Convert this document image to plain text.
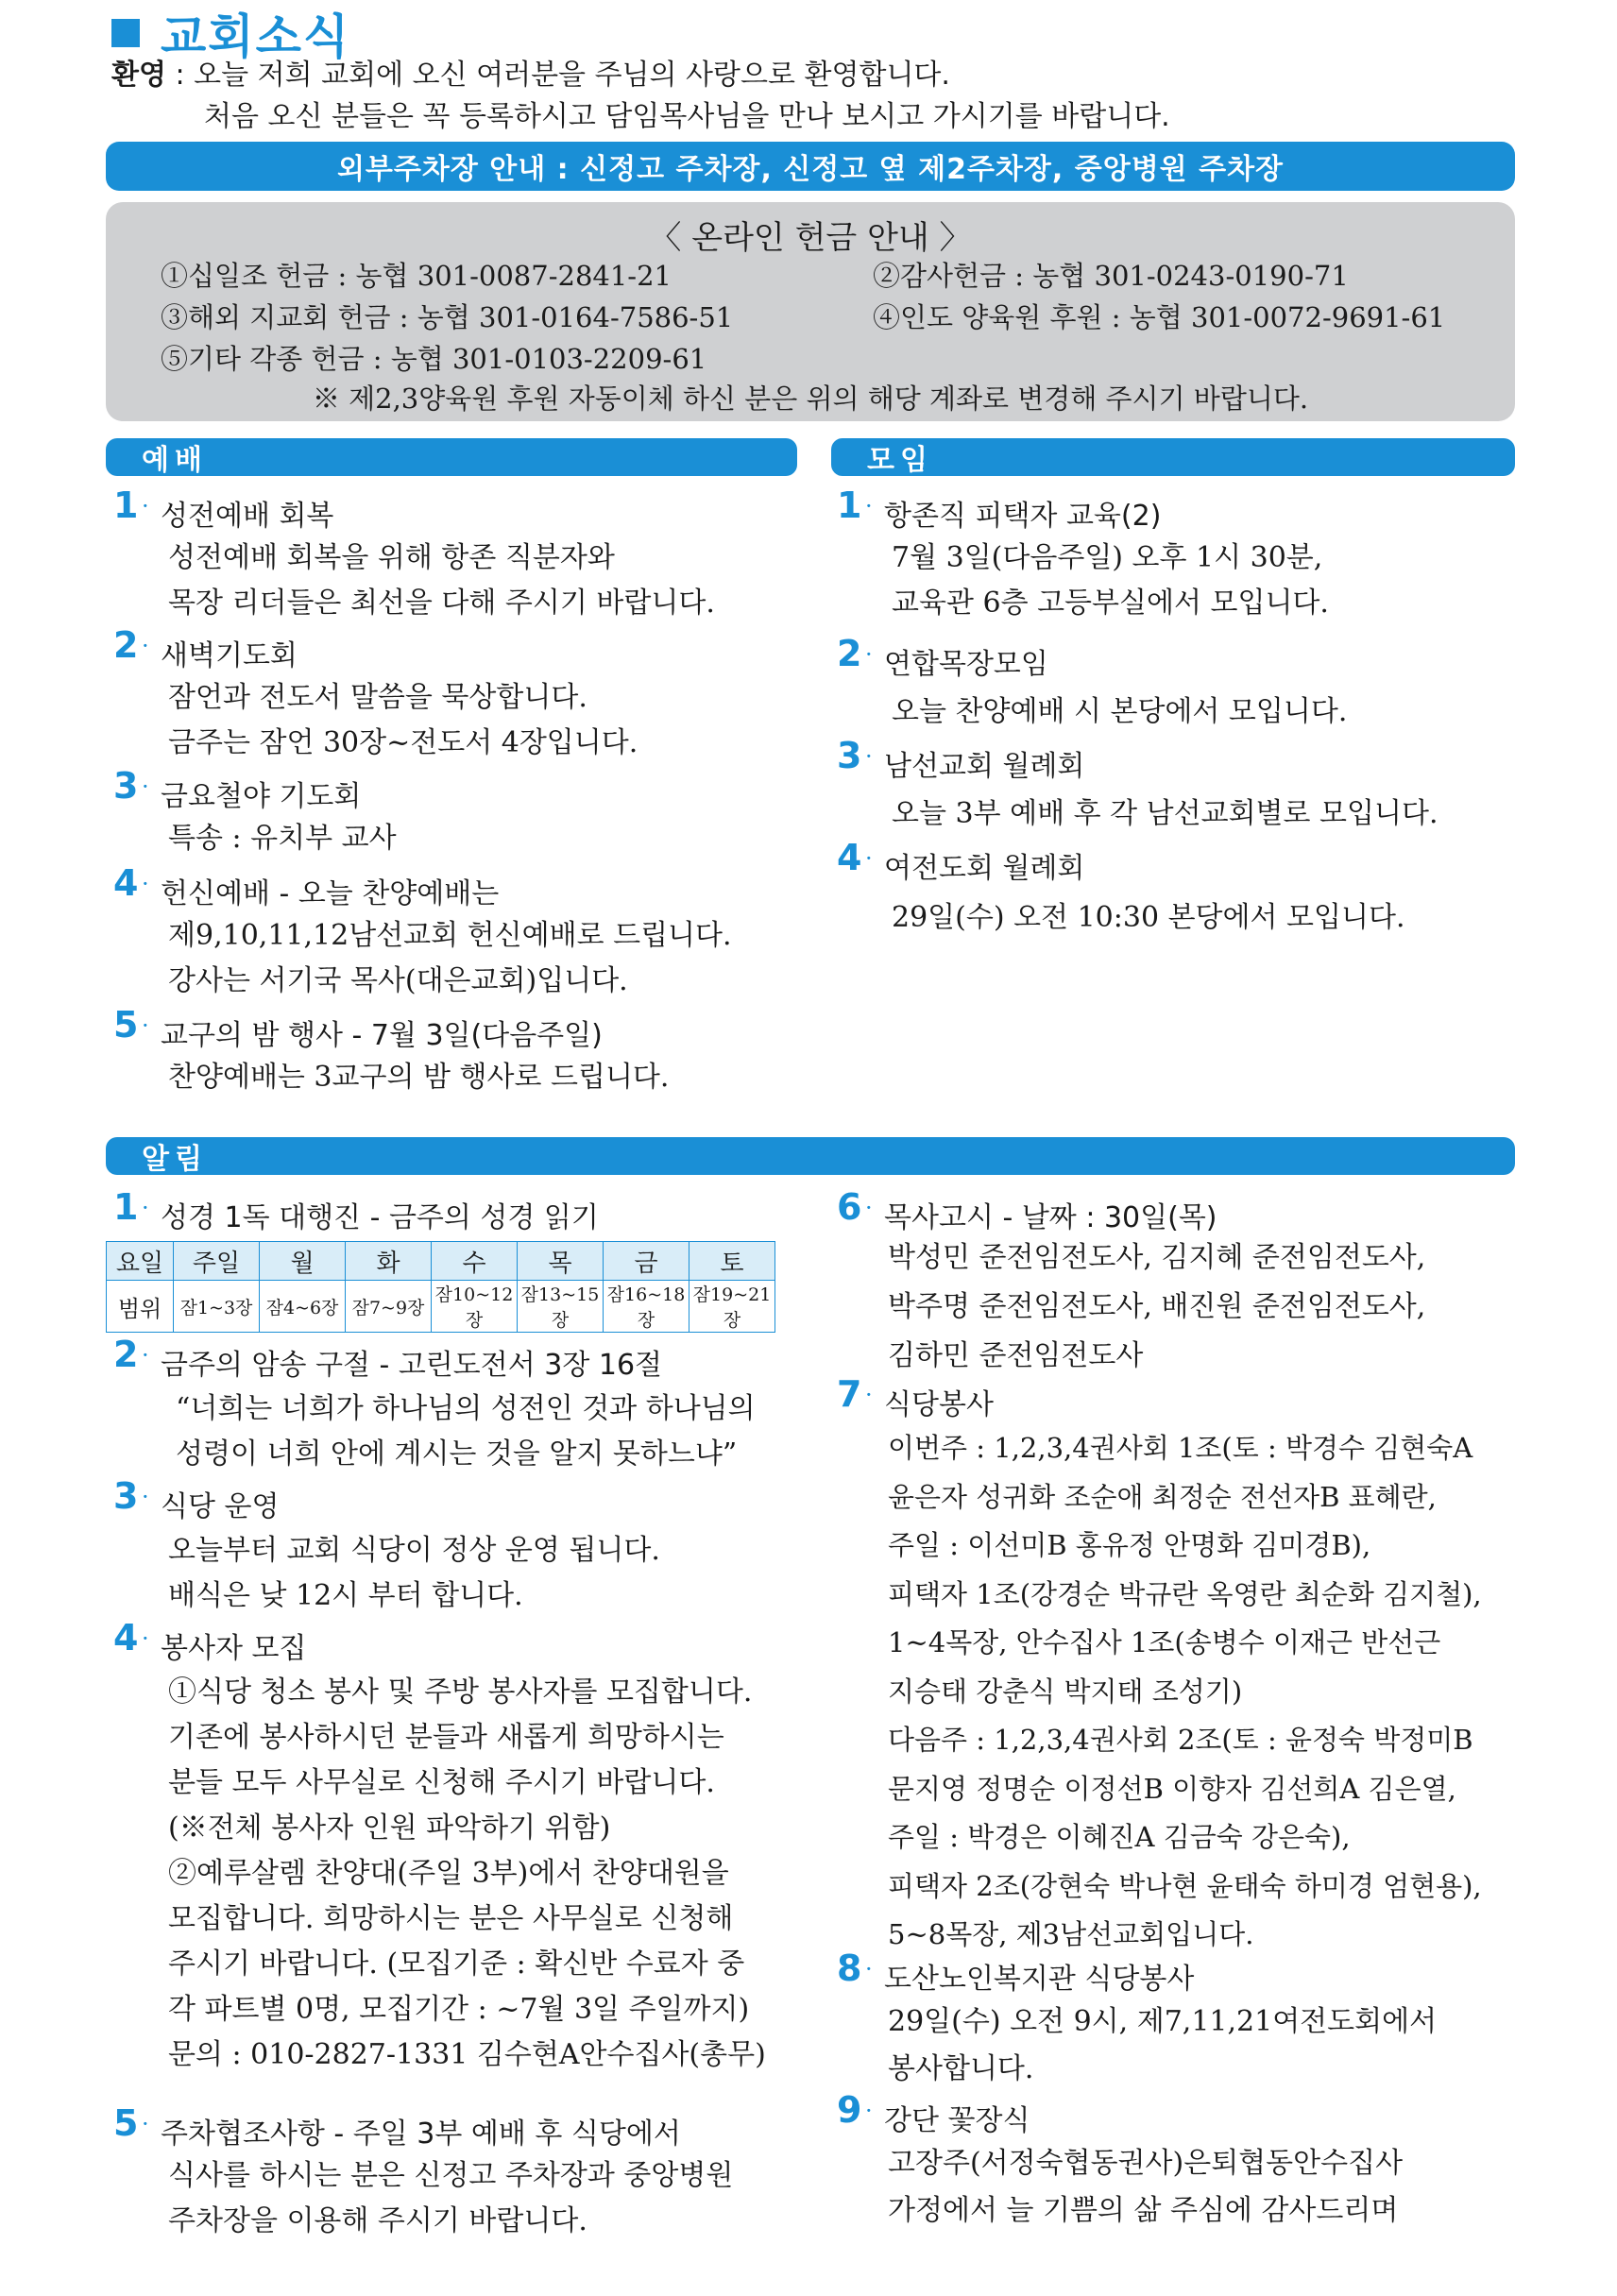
교회소식
환영 : 오늘 저희 교회에 오신 여러분을 주님의 사랑으로 환영합니다.
처음 오신 분들은 꼭 등록하시고 담임목사님을 만나 보시고 가시기를 바랍니다.
외부주차장 안내 : 신정고 주차장, 신정고 옆 제2주차장, 중앙병원 주차장
〈 온라인 헌금 안내 〉
①십일조 헌금 : 농협 301-0087-2841-21	②감사헌금 : 농협 301-0243-0190-71
③해외 지교회 헌금 : 농협 301-0164-7586-51	④인도 양육원 후원 : 농협 301-0072-9691-61
⑤기타 각종 헌금 : 농협 301-0103-2209-61
※ 제2,3양육원 후원 자동이체 하신 분은 위의 해당 계좌로 변경해 주시기 바랍니다.
예배	모임
알림
1 · 성전예배 회복
성전예배 회복을 위해 항존 직분자와
목장 리더들은 최선을 다해 주시기 바랍니다.
2 · 새벽기도회
잠언과 전도서 말씀을 묵상합니다.
금주는 잠언 30장~전도서 4장입니다.
3 · 금요철야 기도회
특송 : 유치부 교사
4 · 헌신예배 - 오늘 찬양예배는
제9,10,11,12남선교회 헌신예배로 드립니다.
강사는 서기국 목사(대은교회)입니다.
5 · 교구의 밤 행사 - 7월 3일(다음주일)
찬양예배는 3교구의 밤 행사로 드립니다.
1 · 항존직 피택자 교육(2)
7월 3일(다음주일) 오후 1시 30분,
교육관 6층 고등부실에서 모입니다.
2 · 연합목장모임
오늘 찬양예배 시 본당에서 모입니다.
3 · 남선교회 월례회
오늘 3부 예배 후 각 남선교회별로 모입니다.
4 · 여전도회 월례회
29일(수) 오전 10:30 본당에서 모입니다.
1 · 성경 1독 대행진 - 금주의 성경 읽기
요일	주일	월	화	수	목	금	토
범위	잠1~3장	잠4~6장	잠7~9장	잠10~12장	잠13~15장	잠16~18장	잠19~21장
2 · 금주의 암송 구절 - 고린도전서 3장 16절
“너희는 너희가 하나님의 성전인 것과 하나님의
성령이 너희 안에 계시는 것을 알지 못하느냐”
3 · 식당 운영
오늘부터 교회 식당이 정상 운영 됩니다.
배식은 낮 12시 부터 합니다.
4 · 봉사자 모집
①식당 청소 봉사 및 주방 봉사자를 모집합니다.
기존에 봉사하시던 분들과 새롭게 희망하시는
분들 모두 사무실로 신청해 주시기 바랍니다.
(※전체 봉사자 인원 파악하기 위함)
②예루살렘 찬양대(주일 3부)에서 찬양대원을
모집합니다. 희망하시는 분은 사무실로 신청해
주시기 바랍니다. (모집기준 : 확신반 수료자 중
각 파트별 0명, 모집기간 : ~7월 3일 주일까지)
문의 : 010-2827-1331 김수현A안수집사(총무)
5 · 주차협조사항 - 주일 3부 예배 후 식당에서
식사를 하시는 분은 신정고 주차장과 중앙병원
주차장을 이용해 주시기 바랍니다.
6 · 목사고시 - 날짜 : 30일(목)
박성민 준전임전도사, 김지혜 준전임전도사,
박주명 준전임전도사, 배진원 준전임전도사,
김하민 준전임전도사
7 · 식당봉사
이번주 : 1,2,3,4권사회 1조(토 : 박경수 김현숙A
윤은자 성귀화 조순애 최정순 전선자B 표혜란,
주일 : 이선미B 홍유정 안명화 김미경B),
피택자 1조(강경순 박규란 옥영란 최순화 김지철),
1~4목장, 안수집사 1조(송병수 이재근 반선근
지승태 강춘식 박지태 조성기)
다음주 : 1,2,3,4권사회 2조(토 : 윤정숙 박정미B
문지영 정명순 이정선B 이향자 김선희A 김은열,
주일 : 박경은 이혜진A 김금숙 강은숙),
피택자 2조(강현숙 박나현 윤태숙 하미경 엄현용),
5~8목장, 제3남선교회입니다.
8 · 도산노인복지관 식당봉사
29일(수) 오전 9시, 제7,11,21여전도회에서
봉사합니다.
9 · 강단 꽃장식
고장주(서정숙협동권사)은퇴협동안수집사
가정에서 늘 기쁨의 삶 주심에 감사드리며
